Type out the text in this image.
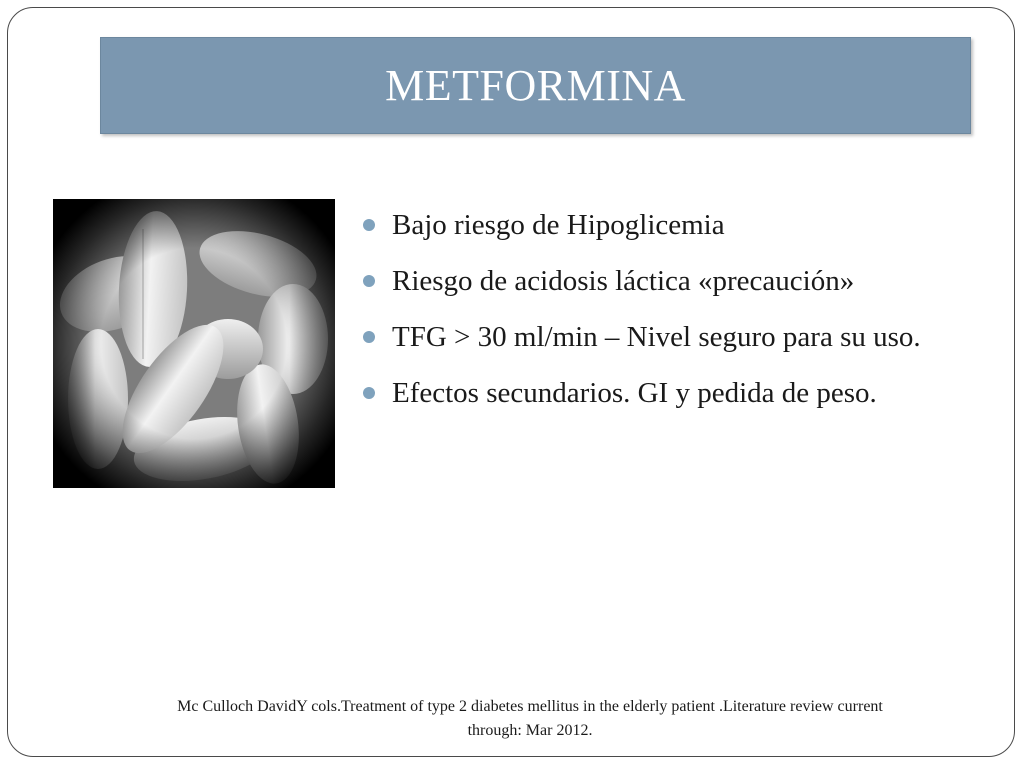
METFORMINA
Bajo riesgo de Hipoglicemia
Riesgo de acidosis láctica «precaución»
TFG > 30 ml/min – Nivel seguro para su uso.
Efectos secundarios. GI y pedida de peso.
Mc Culloch DavidY cols.Treatment of type 2 diabetes mellitus in the elderly patient .Literature review current
through: Mar 2012.
